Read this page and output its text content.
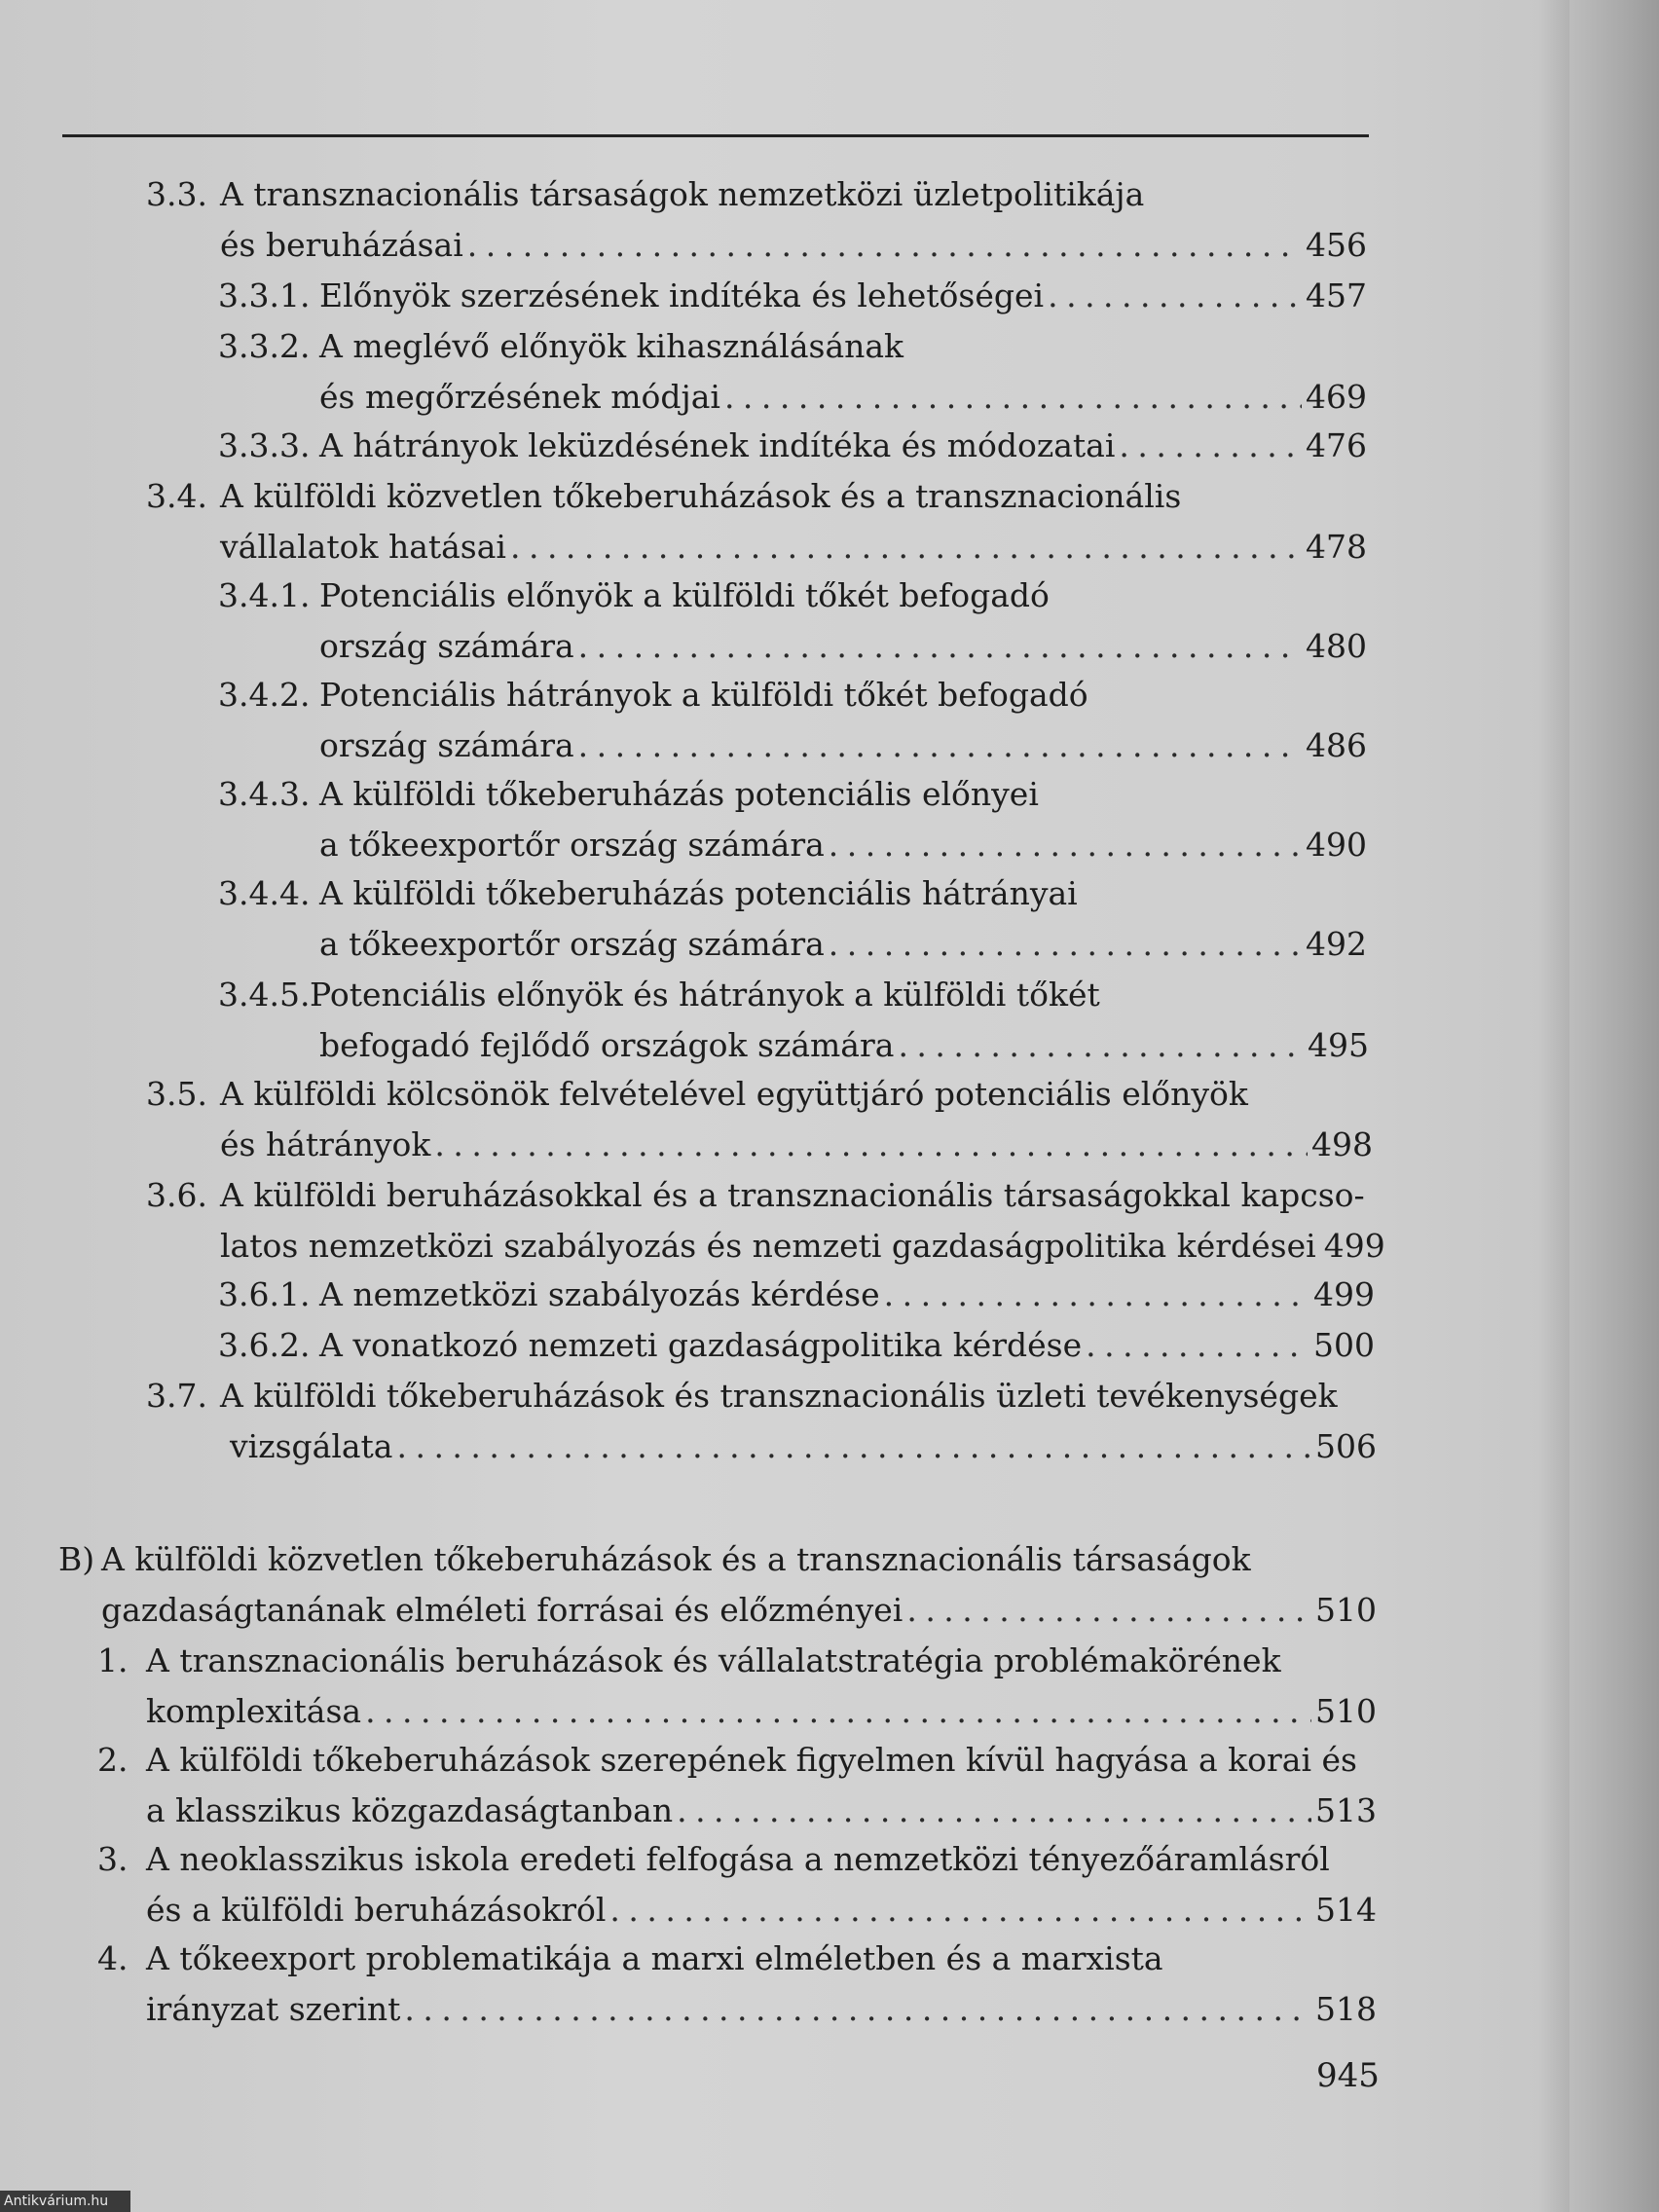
3.3. A transznacionális társaságok nemzetközi üzletpolitikája
és beruházásai . . .	456
3.3.1. Előnyök szerzésének indítéka és lehetőségei . . .	457
3.3.2. A meglévő előnyök kihasználásának
és megőrzésének módjai . . .	469
3.3.3. A hátrányok leküzdésének indítéka és módozatai . . .	476
3.4. A külföldi közvetlen tőkeberuházások és a transznacionális
vállalatok hatásai . . .	478
3.4.1. Potenciális előnyök a külföldi tőkét befogadó
ország számára . . .	480
3.4.2. Potenciális hátrányok a külföldi tőkét befogadó
ország számára . . .	486
3.4.3. A külföldi tőkeberuházás potenciális előnyei
a tőkeexportőr ország számára . . .	490
3.4.4. A külföldi tőkeberuházás potenciális hátrányai
a tőkeexportőr ország számára . . .	492
3.4.5. Potenciális előnyök és hátrányok a külföldi tőkét
befogadó fejlődő országok számára . . .	495
3.5. A külföldi kölcsönök felvételével együttjáró potenciális előnyök
és hátrányok . . .	498
3.6. A külföldi beruházásokkal és a transznacionális társaságokkal kapcso-
latos nemzetközi szabályozás és nemzeti gazdaságpolitika kérdései 499
3.6.1. A nemzetközi szabályozás kérdése . . .	499
3.6.2. A vonatkozó nemzeti gazdaságpolitika kérdése . . .	500
3.7. A külföldi tőkeberuházások és transznacionális üzleti tevékenységek
vizsgálata . . .	506
B) A külföldi közvetlen tőkeberuházások és a transznacionális társaságok
gazdaságtanának elméleti forrásai és előzményei . . .	510
1. A transznacionális beruházások és vállalatstratégia problémakörének
komplexitása . . .	510
2. A külföldi tőkeberuházások szerepének figyelmen kívül hagyása a korai és
a klasszikus közgazdaságtanban . . .	513
3. A neoklasszikus iskola eredeti felfogása a nemzetközi tényezőáramlásról
és a külföldi beruházásokról . . .	514
4. A tőkeexport problematikája a marxi elméletben és a marxista
irányzat szerint . . .	518
945
Antikvárium.hu
